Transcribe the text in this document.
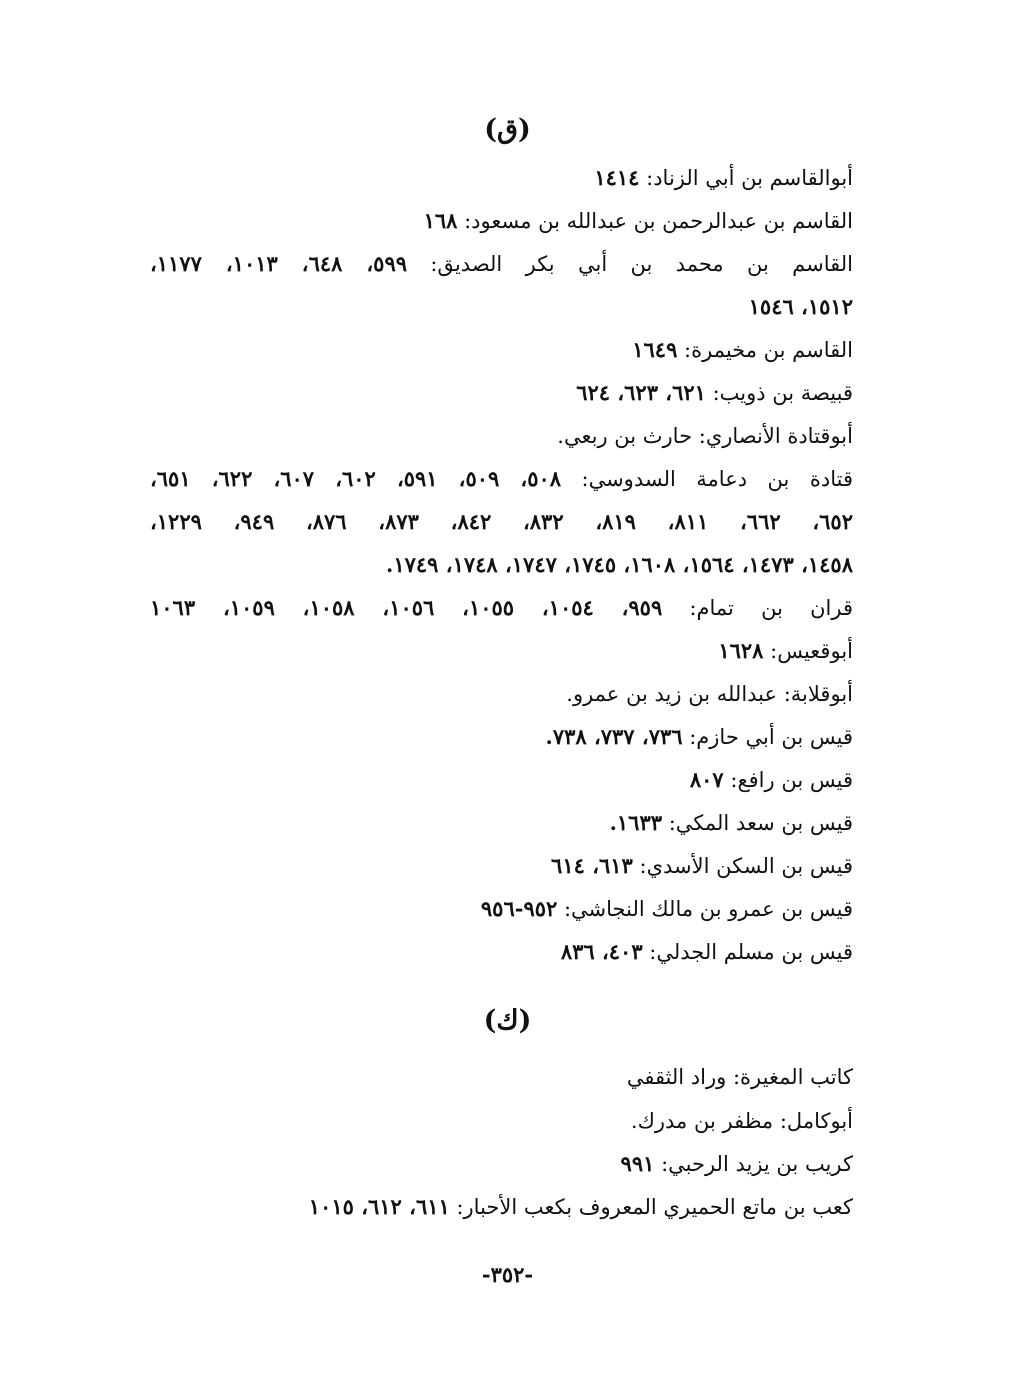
(ق)
أبوالقاسم بن أبي الزناد: ١٤١٤
القاسم بن عبدالرحمن بن عبدالله بن مسعود: ١٦٨
القاسم بن محمد بن أبي بكر الصديق: ٥٩٩، ٦٤٨، ١٠١٣، ١١٧٧،
١٥١٢، ١٥٤٦
القاسم بن مخيمرة: ١٦٤٩
قبيصة بن ذويب: ٦٢١، ٦٢٣، ٦٢٤
أبوقتادة الأنصاري: حارث بن ربعي.
قتادة بن دعامة السدوسي: ٥٠٨، ٥٠٩، ٥٩١، ٦٠٢، ٦٠٧، ٦٢٢، ٦٥١،
٦٥٢، ٦٦٢، ٨١١، ٨١٩، ٨٣٢، ٨٤٢، ٨٧٣، ٨٧٦، ٩٤٩، ١٢٢٩،
١٤٥٨، ١٤٧٣، ١٥٦٤، ١٦٠٨، ١٧٤٥، ١٧٤٧، ١٧٤٨، ١٧٤٩.
قران بن تمام: ٩٥٩، ١٠٥٤، ١٠٥٥، ١٠٥٦، ١٠٥٨، ١٠٥٩، ١٠٦٣
أبوقعيس: ١٦٢٨
أبوقلابة: عبدالله بن زيد بن عمرو.
قيس بن أبي حازم: ٧٣٦، ٧٣٧، ٧٣٨.
قيس بن رافع: ٨٠٧
قيس بن سعد المكي: ١٦٣٣.
قيس بن السكن الأسدي: ٦١٣، ٦١٤
قيس بن عمرو بن مالك النجاشي: ٩٥٢-٩٥٦
قيس بن مسلم الجدلي: ٤٠٣، ٨٣٦
(ك)
كاتب المغيرة: وراد الثقفي
أبوكامل: مظفر بن مدرك.
كريب بن يزيد الرحبي: ٩٩١
كعب بن ماتع الحميري المعروف بكعب الأحبار: ٦١١، ٦١٢، ١٠١٥
-٣٥٢-
